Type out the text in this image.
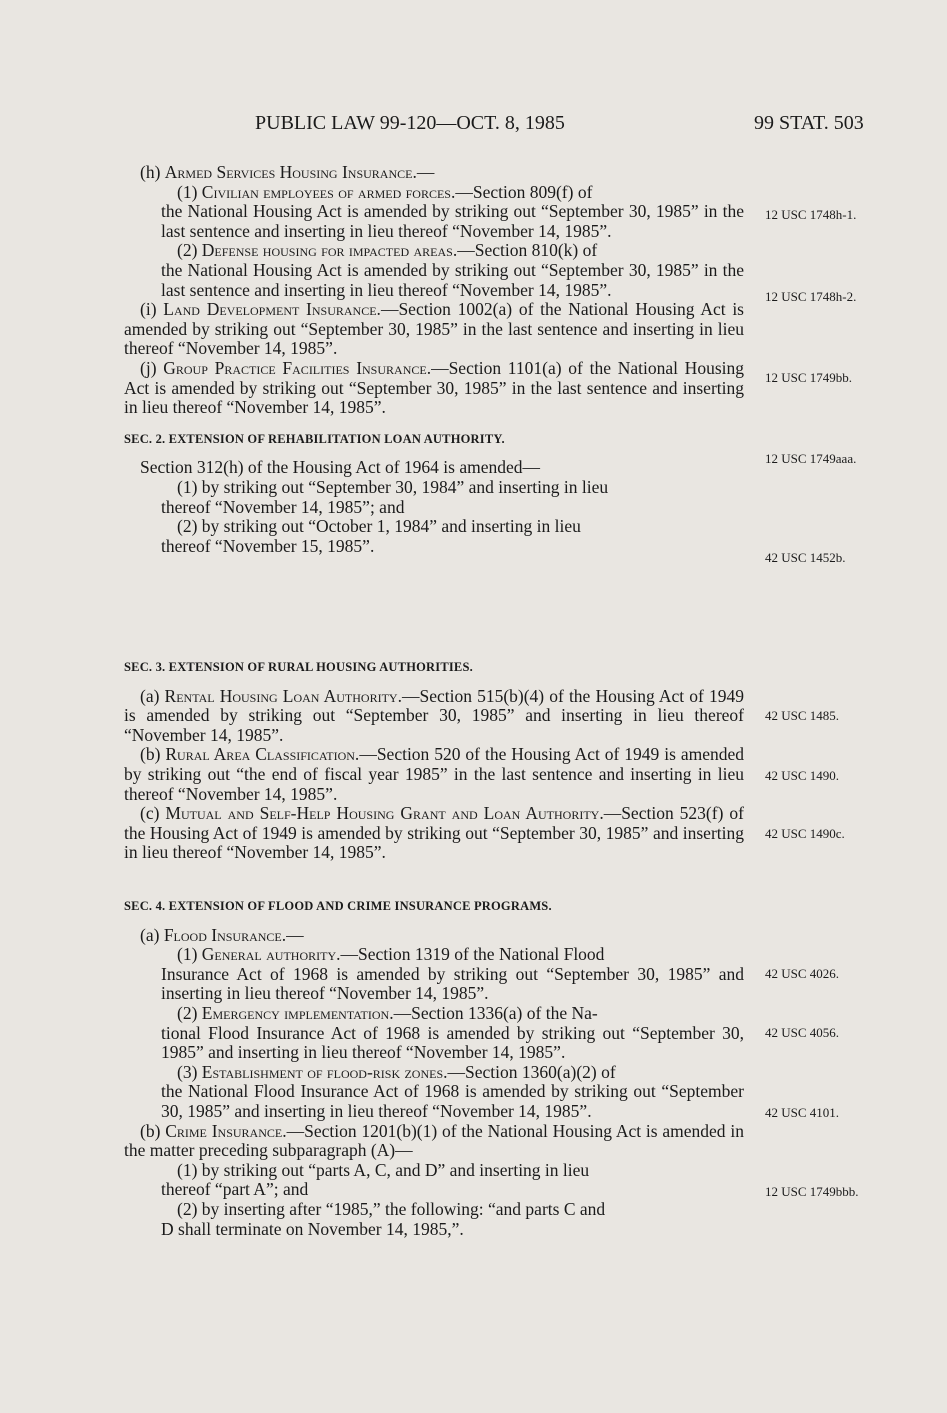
PUBLIC LAW 99-120—OCT. 8, 1985	99 STAT. 503

(h) Armed Services Housing Insurance.—

(1) Civilian employees of armed forces.—Section 809(f) of

the National Housing Act is amended by striking out “September 30, 1985” in the last sentence and inserting in lieu thereof “November 14, 1985”.

(2) Defense housing for impacted areas.—Section 810(k) of

the National Housing Act is amended by striking out “September 30, 1985” in the last sentence and inserting in lieu thereof “November 14, 1985”.

(i) Land Development Insurance.—Section 1002(a) of the National Housing Act is amended by striking out “September 30, 1985” in the last sentence and inserting in lieu thereof “November 14, 1985”.

(j) Group Practice Facilities Insurance.—Section 1101(a) of the National Housing Act is amended by striking out “September 30, 1985” in the last sentence and inserting in lieu thereof “November 14, 1985”.

SEC. 2. EXTENSION OF REHABILITATION LOAN AUTHORITY.

Section 312(h) of the Housing Act of 1964 is amended—

(1) by striking out “September 30, 1984” and inserting in lieu

thereof “November 14, 1985”; and

(2) by striking out “October 1, 1984” and inserting in lieu

thereof “November 15, 1985”.

SEC. 3. EXTENSION OF RURAL HOUSING AUTHORITIES.

(a) Rental Housing Loan Authority.—Section 515(b)(4) of the Housing Act of 1949 is amended by striking out “September 30, 1985” and inserting in lieu thereof “November 14, 1985”.

(b) Rural Area Classification.—Section 520 of the Housing Act of 1949 is amended by striking out “the end of fiscal year 1985” in the last sentence and inserting in lieu thereof “November 14, 1985”.

(c) Mutual and Self-Help Housing Grant and Loan Authority.—Section 523(f) of the Housing Act of 1949 is amended by striking out “September 30, 1985” and inserting in lieu thereof “November 14, 1985”.

SEC. 4. EXTENSION OF FLOOD AND CRIME INSURANCE PROGRAMS.

(a) Flood Insurance.—

(1) General authority.—Section 1319 of the National Flood

Insurance Act of 1968 is amended by striking out “September 30, 1985” and inserting in lieu thereof “November 14, 1985”.

(2) Emergency implementation.—Section 1336(a) of the Na-

tional Flood Insurance Act of 1968 is amended by striking out “September 30, 1985” and inserting in lieu thereof “November 14, 1985”.

(3) Establishment of flood-risk zones.—Section 1360(a)(2) of

the National Flood Insurance Act of 1968 is amended by striking out “September 30, 1985” and inserting in lieu thereof “November 14, 1985”.

(b) Crime Insurance.—Section 1201(b)(1) of the National Housing Act is amended in the matter preceding subparagraph (A)—

(1) by striking out “parts A, C, and D” and inserting in lieu

thereof “part A”; and

(2) by inserting after “1985,” the following: “and parts C and

D shall terminate on November 14, 1985,”.

12 USC 1748h-1.
12 USC 1748h-2.
12 USC 1749bb.
12 USC 1749aaa.
42 USC 1452b.
42 USC 1485.
42 USC 1490.
42 USC 1490c.
42 USC 4026.
42 USC 4056.
42 USC 4101.
12 USC 1749bbb.
